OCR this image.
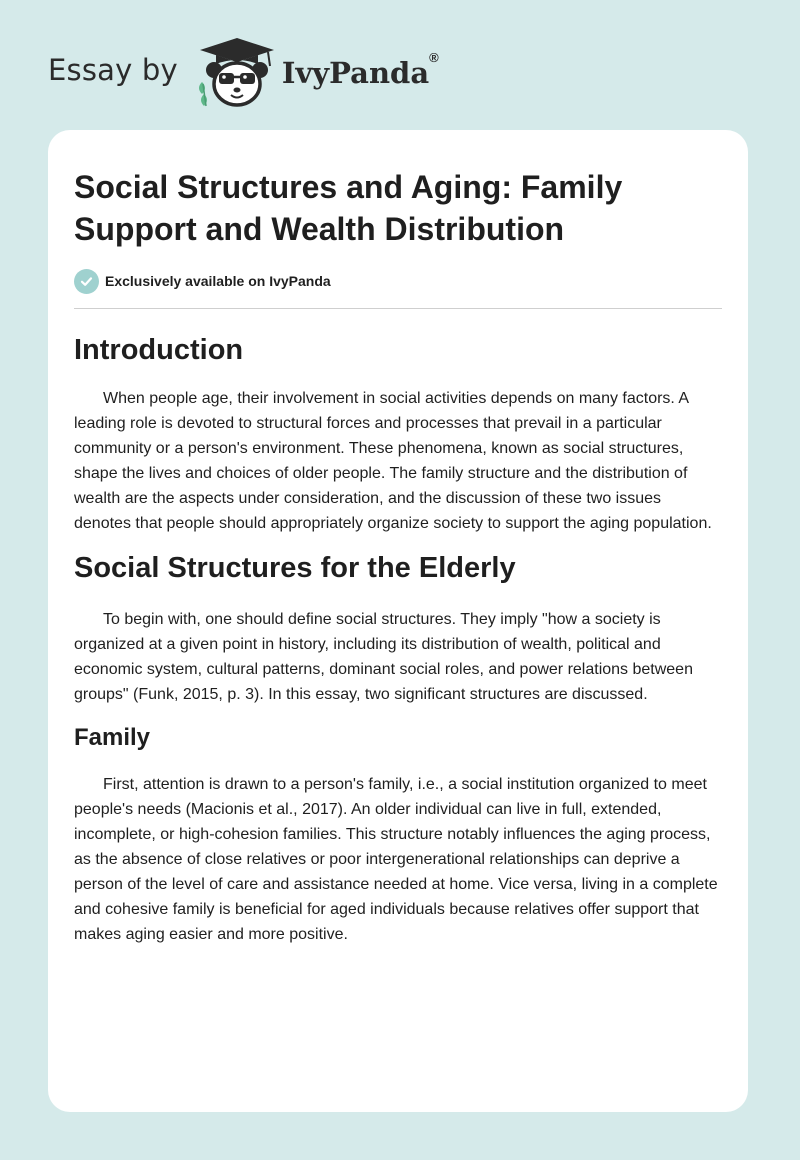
Essay by	IvyPanda®
Social Structures and Aging: Family Support and Wealth Distribution
Exclusively available on IvyPanda
Introduction

When people age, their involvement in social activities depends on many factors. A leading role is devoted to structural forces and processes that prevail in a particular community or a person's environment. These phenomena, known as social structures, shape the lives and choices of older people. The family structure and the distribution of wealth are the aspects under consideration, and the discussion of these two issues denotes that people should appropriately organize society to support the aging population.

Social Structures for the Elderly

To begin with, one should define social structures. They imply "how a society is organized at a given point in history, including its distribution of wealth, political and economic system, cultural patterns, dominant social roles, and power relations between groups" (Funk, 2015, p. 3). In this essay, two significant structures are discussed.

Family

First, attention is drawn to a person's family, i.e., a social institution organized to meet people's needs (Macionis et al., 2017). An older individual can live in full, extended, incomplete, or high-cohesion families. This structure notably influences the aging process, as the absence of close relatives or poor intergenerational relationships can deprive a person of the level of care and assistance needed at home. Vice versa, living in a complete and cohesive family is beneficial for aged individuals because relatives offer support that makes aging easier and more positive.
